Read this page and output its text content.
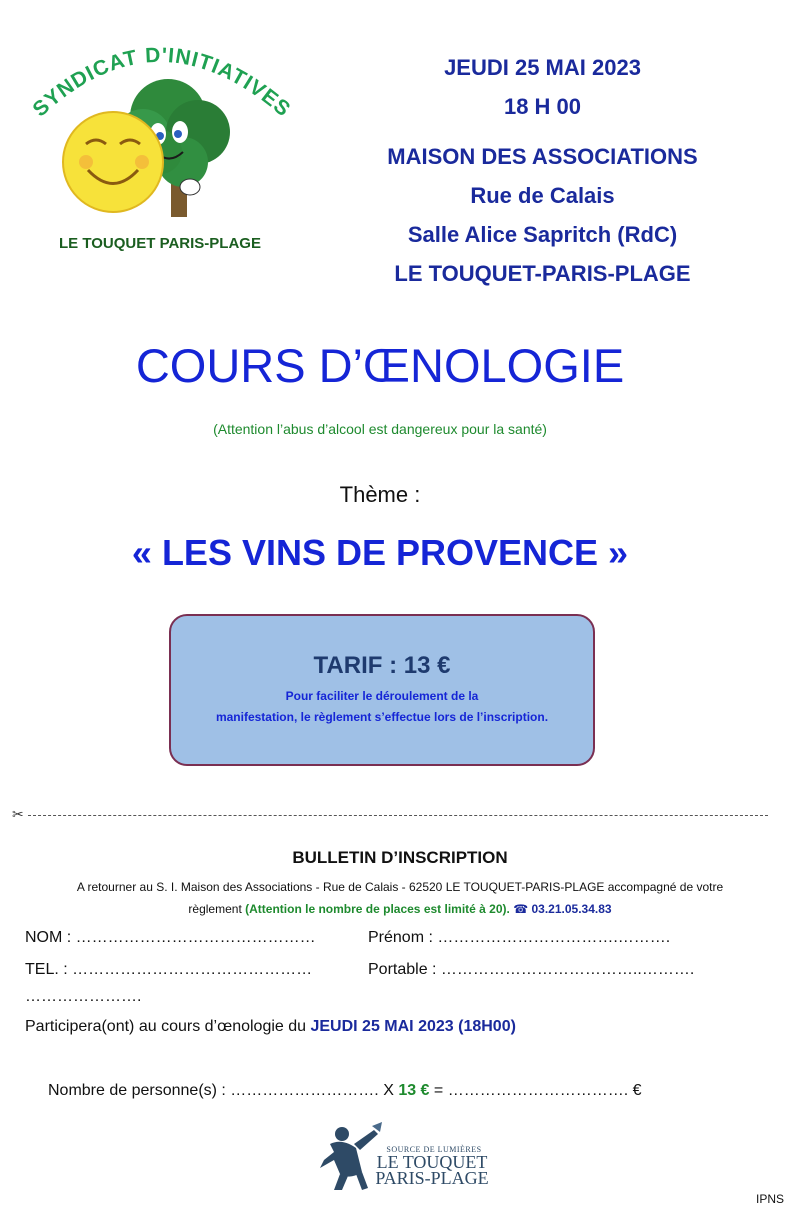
SYNDICAT D'INITIATIVES
LE TOUQUET PARIS-PLAGE
JEUDI 25 MAI 2023
18 H 00
MAISON DES ASSOCIATIONS
Rue de Calais
Salle Alice Sapritch (RdC)
LE TOUQUET-PARIS-PLAGE
COURS D’ŒNOLOGIE
(Attention l’abus d’alcool est dangereux pour la santé)
Thème :
« LES VINS DE PROVENCE »
TARIF : 13 €
Pour faciliter le déroulement de la
manifestation, le règlement s’effectue lors de l’inscription.
✂
BULLETIN D’INSCRIPTION
A retourner au S. I. Maison des Associations - Rue de Calais - 62520 LE TOUQUET-PARIS-PLAGE accompagné de votre
règlement (Attention le nombre de places est limité à 20). ☎ 03.21.05.34.83
NOM : ………………………………………	Prénom : …………………………….……….
TEL. : ………………………………………	Portable : ………………………………..……….
………………….
Participera(ont) au cours d’œnologie du JEUDI 25 MAI 2023 (18H00)
Nombre de personne(s) : ………………………. X 13 € = ……………………………. €
SOURCE DE LUMIÈRES
LE TOUQUET
PARIS-PLAGE
IPNS
